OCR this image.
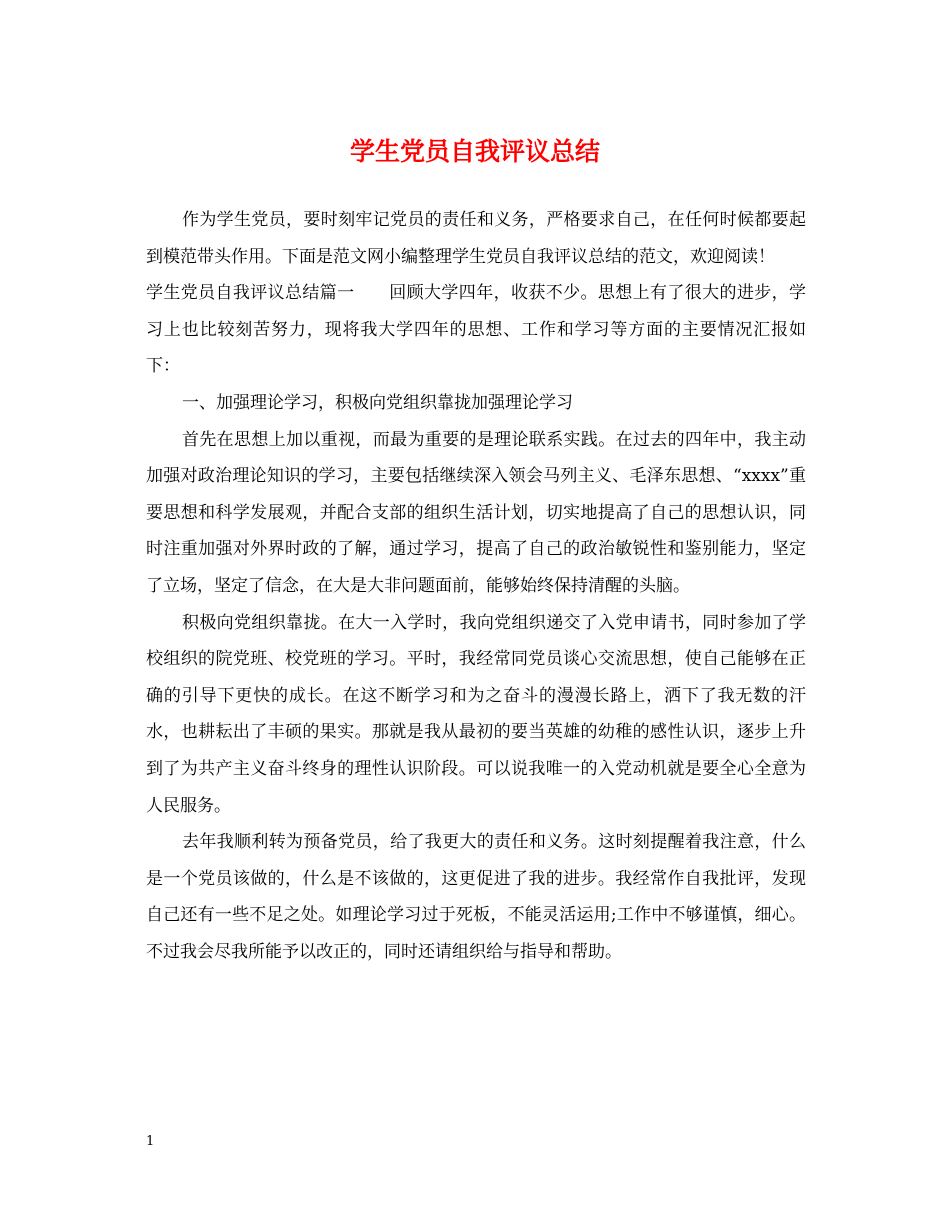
学生党员自我评议总结

作为学生党员，要时刻牢记党员的责任和义务，严格要求自己，在任何时候都要起到模范带头作用。下面是范文网小编整理学生党员自我评议总结的范文，欢迎阅读！

学生党员自我评议总结篇一　　回顾大学四年，收获不少。思想上有了很大的进步，学习上也比较刻苦努力，现将我大学四年的思想、工作和学习等方面的主要情况汇报如下：

一、加强理论学习，积极向党组织靠拢加强理论学习

首先在思想上加以重视，而最为重要的是理论联系实践。在过去的四年中，我主动加强对政治理论知识的学习，主要包括继续深入领会马列主义、毛泽东思想、“xxxx”重要思想和科学发展观，并配合支部的组织生活计划，切实地提高了自己的思想认识，同时注重加强对外界时政的了解，通过学习，提高了自己的政治敏锐性和鉴别能力，坚定了立场，坚定了信念，在大是大非问题面前，能够始终保持清醒的头脑。

积极向党组织靠拢。在大一入学时，我向党组织递交了入党申请书，同时参加了学校组织的院党班、校党班的学习。平时，我经常同党员谈心交流思想，使自己能够在正确的引导下更快的成长。在这不断学习和为之奋斗的漫漫长路上，洒下了我无数的汗水，也耕耘出了丰硕的果实。那就是我从最初的要当英雄的幼稚的感性认识，逐步上升到了为共产主义奋斗终身的理性认识阶段。可以说我唯一的入党动机就是要全心全意为人民服务。

去年我顺利转为预备党员，给了我更大的责任和义务。这时刻提醒着我注意，什么是一个党员该做的，什么是不该做的，这更促进了我的进步。我经常作自我批评，发现自己还有一些不足之处。如理论学习过于死板，不能灵活运用;工作中不够谨慎，细心。不过我会尽我所能予以改正的，同时还请组织给与指导和帮助。

1
